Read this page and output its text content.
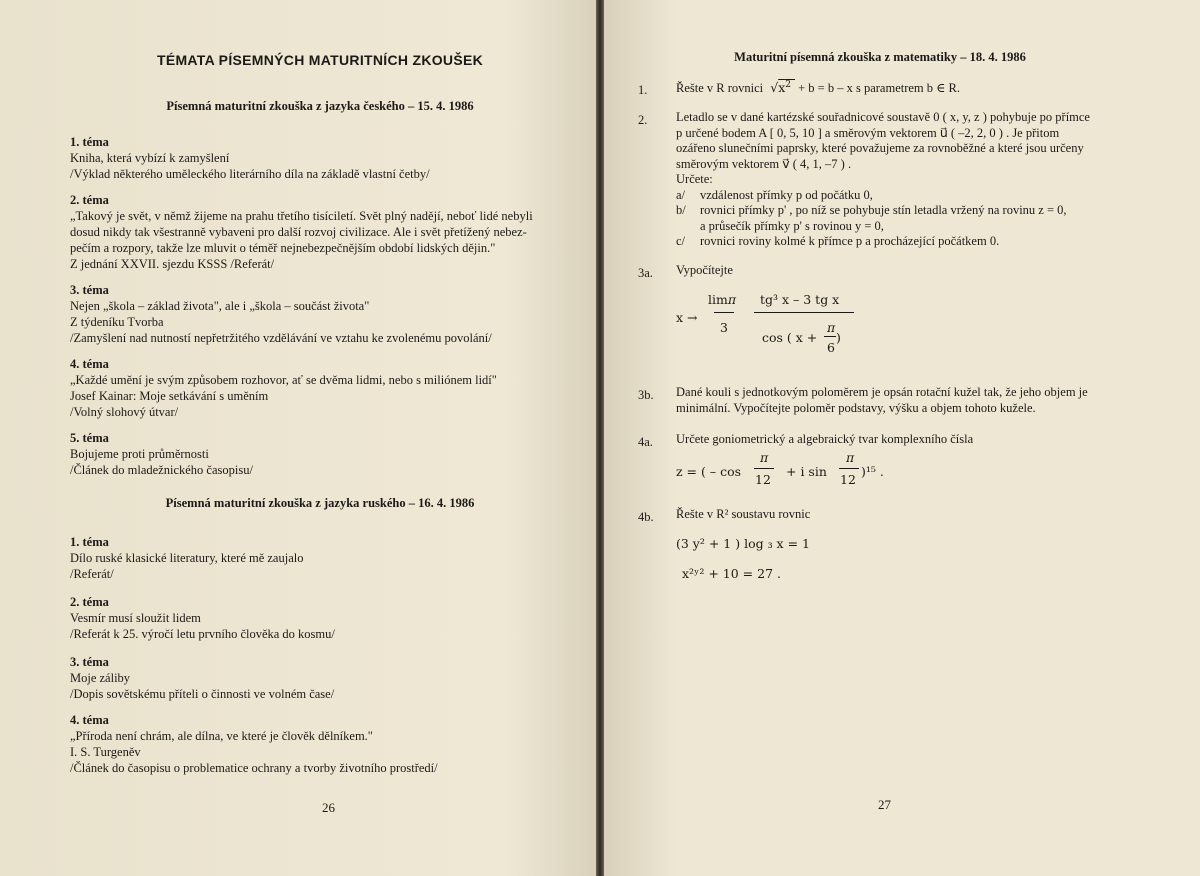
TÉMATA PÍSEMNÝCH MATURITNÍCH ZKOUŠEK
Písemná maturitní zkouška z jazyka českého – 15. 4. 1986
1. téma
Kniha, která vybízí k zamyšlení
/Výklad některého uměleckého literárního díla na základě vlastní četby/
2. téma
„Takový je svět, v němž žijeme na prahu třetího tisíciletí. Svět plný nadějí, neboť lidé nebyli
dosud nikdy tak všestranně vybaveni pro další rozvoj civilizace. Ale i svět přetížený nebez-
pečím a rozpory, takže lze mluvit o téměř nejnebezpečnějším období lidských dějin."
Z jednání XXVII. sjezdu KSSS /Referát/
3. téma
Nejen „škola – základ života", ale i „škola – součást života"
Z týdeníku Tvorba
/Zamyšlení nad nutností nepřetržitého vzdělávání ve vztahu ke zvolenému povolání/
4. téma
„Každé umění je svým způsobem rozhovor, ať se dvěma lidmi, nebo s miliónem lidí"
Josef Kainar: Moje setkávání s uměním
/Volný slohový útvar/
5. téma
Bojujeme proti průměrnosti
/Článek do mladežnického časopisu/
Písemná maturitní zkouška z jazyka ruského – 16. 4. 1986
1. téma
Dílo ruské klasické literatury, které mě zaujalo
/Referát/
2. téma
Vesmír musí sloužit lidem
/Referát k 25. výročí letu prvního člověka do kosmu/
3. téma
Moje záliby
/Dopis sovětskému příteli o činnosti ve volném čase/
4. téma
„Příroda není chrám, ale dílna, ve které je člověk dělníkem."
I. S. Turgeněv
/Článek do časopisu o problematice ochrany a tvorby životního prostředí/
26
Maturitní písemná zkouška z matematiky – 18. 4. 1986
1. Řešte v R rovnici  $√x^2 + b = b - x$ s parametrem b ∈ R.
2. Letadlo se v dané kartézské souřadnicové soustavě 0 ( x, y, z ) pohybuje po přímce
p určené bodem A [ 0, 5, 10 ] a směrovým vektorem u⃗ ( –2, 2, 0 ) . Je přitom
ozářeno slunečními paprsky, které považujeme za rovnoběžné a které jsou určeny
směrovým vektorem v⃗ ( 4, 1, –7 ) .
Určete:
a/ vzdálenost přímky p od počátku 0,
b/ rovnici přímky p' , po níž se pohybuje stín letadla vržený na rovinu z = 0,
a průsečík přímky p' s rovinou y = 0,
c/ rovnici roviny kolmé k přímce p a procházející počátkem 0.
3a. Vypočítejte
x →
limπ
3
tg³ x – 3 tg x
cos ( x +
π
)
6
3b. Dané kouli s jednotkovým poloměrem je opsán rotační kužel tak, že jeho objem je
minimální. Vypočítejte poloměr podstavy, výšku a objem tohoto kužele.
4a. Určete goniometrický a algebraický tvar komplexního čísla
z = ( – cos
π
12
+ i sin
π
12
)¹⁵ .
4b. Řešte v R² soustavu rovnic
(3 y² + 1 ) log ₃ x = 1
x²ʸ² + 10 = 27 .
27
